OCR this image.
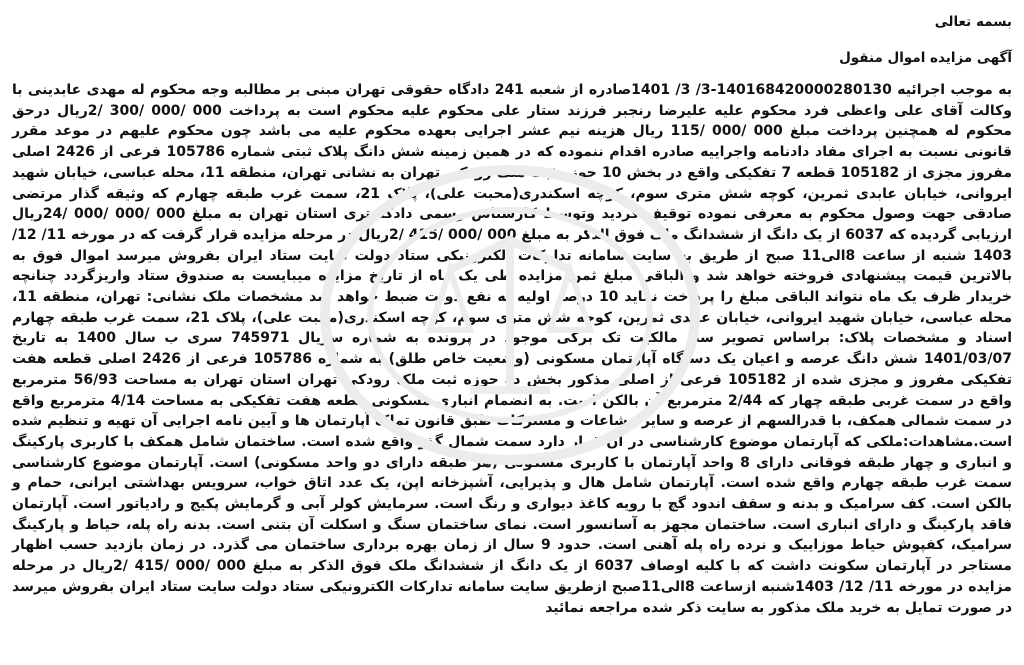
بسمه تعالی
آگهی مزایده اموال منقول
به موجب اجرائیه 140168420000280130-3/ 3/ 1401صادره از شعبه 241 دادگاه حقوقی تهران مبنی بر مطالبه وجه محکوم له مهدی عابدینی با وکالت آقای علی واعظی فرد محکوم علیه علیرضا رنجبر فرزند ستار علی محکوم علیه محکوم است به پرداخت 000 /000 /300 /2ریال درحق محکوم له همچنین پرداخت مبلغ 000 /000 /115 ریال هزینه نیم عشر اجرایی بعهده محکوم علیه می باشد چون محکوم علیهم در موعد مقرر قانونی نسبت به اجرای مفاد دادنامه واجراییه صادره اقدام ننموده که در همین زمینه شش دانگ پلاک ثبتی شماره 105786 فرعی از 2426 اصلی مفروز مجزی از 105182 قطعه 7 تفکیکی واقع در بخش 10 حوزه ثبت ملک رودکی تهران به نشانی تهران، منطقه 11، محله عباسی، خیابان شهید ایروانی، خیابان عابدی ثمرین، کوچه شش متری سوم، کوچه اسکندری(محبت علی)، پلاک 21، سمت غرب طبقه چهارم که وثیقه گذار مرتضی صادقی جهت وصول محکوم به معرفی نموده توقیف گردید وتوسط کارشناس رسمی دادگستری استان تهران به مبلغ 000 /000 /000 /24ریال ارزیابی گردیده که 6037 از یک دانگ از ششدانگ ملک فوق الذکر به مبلغ 000 /000 /415 /2ریال در مرحله مزایده قرار گرفت که در مورخه 11/ 12/ 1403 شنبه از ساعت 8الی11 صبح از طریق به سایت سامانه تدارکات الکترونیکی ستاد دولت سایت ستاد ایران بفروش میرسد اموال فوق به بالاترین قیمت پیشنهادی فروخته خواهد شد و الباقی مبلغ ثمن مزایده طی یک ماه از تاریخ مزایده میبایست به صندوق ستاد واریزگردد چنانچه خریدار ظرف یک ماه نتواند الباقی مبلغ را پرداخت نماید 10 درصد اولیه به نفع دولت ضبط خواهد شد مشخصات ملک نشانی: تهران، منطقه 11، محله عباسی، خیابان شهید ایروانی، خیابان عابدی ثمرین، کوچه شش متری سوم، کوچه اسکندری(محبت علی)، پلاک 21، سمت غرب طبقه چهارم اسناد و مشخصات پلاک: براساس تصویر سند مالکیت تک برگی موجود در پرونده به شماره سریال 745971 سری ب سال 1400 به تاریخ 1401/03/07 شش دانگ عرصه و اعیان یک دستگاه آپارتمان مسکونی (وضعیت خاص طلق) به شماره 105786 فرعی از 2426 اصلی قطعه هفت تفکیکی مفروز و مجزی شده از 105182 فرعی از اصلی مذکور بخش ده حوزه ثبت ملک رودکی تهران استان تهران به مساحت 56/93 مترمربع واقع در سمت غربی طبقه چهار که 2/44 مترمربع آن بالکن است. به انضمام انباری مسکونی قطعه هفت تفکیکی به مساحت 4/14 مترمربع واقع در سمت شمالی همکف، با قدرالسهم از عرصه و سایر مشاعات و مشترکات طبق قانون تملک آپارتمان ها و آیین نامه اجرایی آن تهیه و تنظیم شده است.مشاهدات:ملکی که آپارتمان موضوع کارشناسی در آن قرار دارد سمت شمال گذر واقع شده است. ساختمان شامل همکف با کاربری پارکینگ و انباری و چهار طبقه فوقانی دارای 8 واحد آپارتمان با کاربری مسکونی (هر طبقه دارای دو واحد مسکونی) است. آپارتمان موضوع کارشناسی سمت غرب طبقه چهارم واقع شده است. آپارتمان شامل هال و پذیرایی، آشپزخانه اپن، یک عدد اتاق خواب، سرویس بهداشتی ایرانی، حمام و بالکن است. کف سرامیک و بدنه و سقف اندود گچ با رویه کاغذ دیواری و رنگ است. سرمایش کولر آبی و گرمایش پکیج و رادیاتور است. آپارتمان فاقد پارکینگ و دارای انباری است. ساختمان مجهز به آسانسور است. نمای ساختمان سنگ و اسکلت آن بتنی است. بدنه راه پله، حیاط و پارکینگ سرامیک، کفپوش حیاط موزاییک و نرده راه پله آهنی است. حدود 9 سال از زمان بهره برداری ساختمان می گذرد. در زمان بازدید حسب اظهار مستاجر در آپارتمان سکونت داشت که با کلیه اوصاف 6037 از یک دانگ از ششدانگ ملک فوق الذکر به مبلغ 000 /000 /415 /2ریال در مرحله مزایده در مورخه 11/ 12/ 1403شنبه ازساعت 8الی11صبح ازطریق سایت سامانه تدارکات الکترونیکی ستاد دولت سایت ستاد ایران بفروش میرسد در صورت تمایل به خرید ملک مذکور به سایت ذکر شده مراجعه نمائید
